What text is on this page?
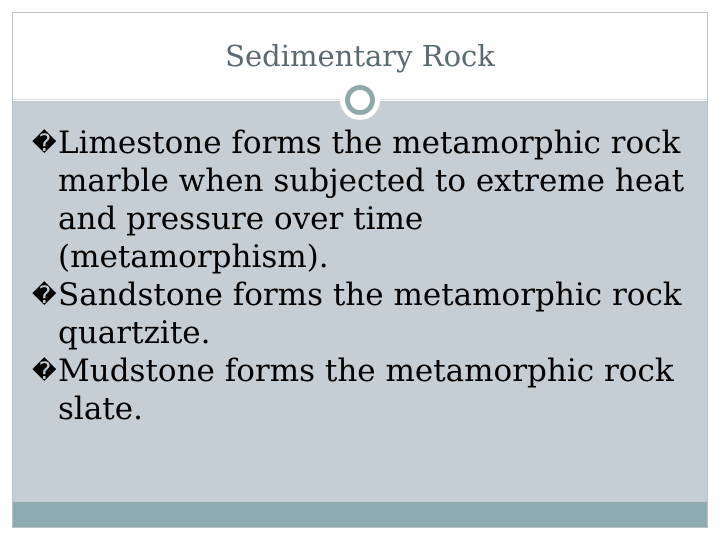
Sedimentary Rock
� Limestone forms the metamorphic rock marble when subjected to extreme heat and pressure over time (metamorphism).
� Sandstone forms the metamorphic rock quartzite.
� Mudstone forms the metamorphic rock slate.
